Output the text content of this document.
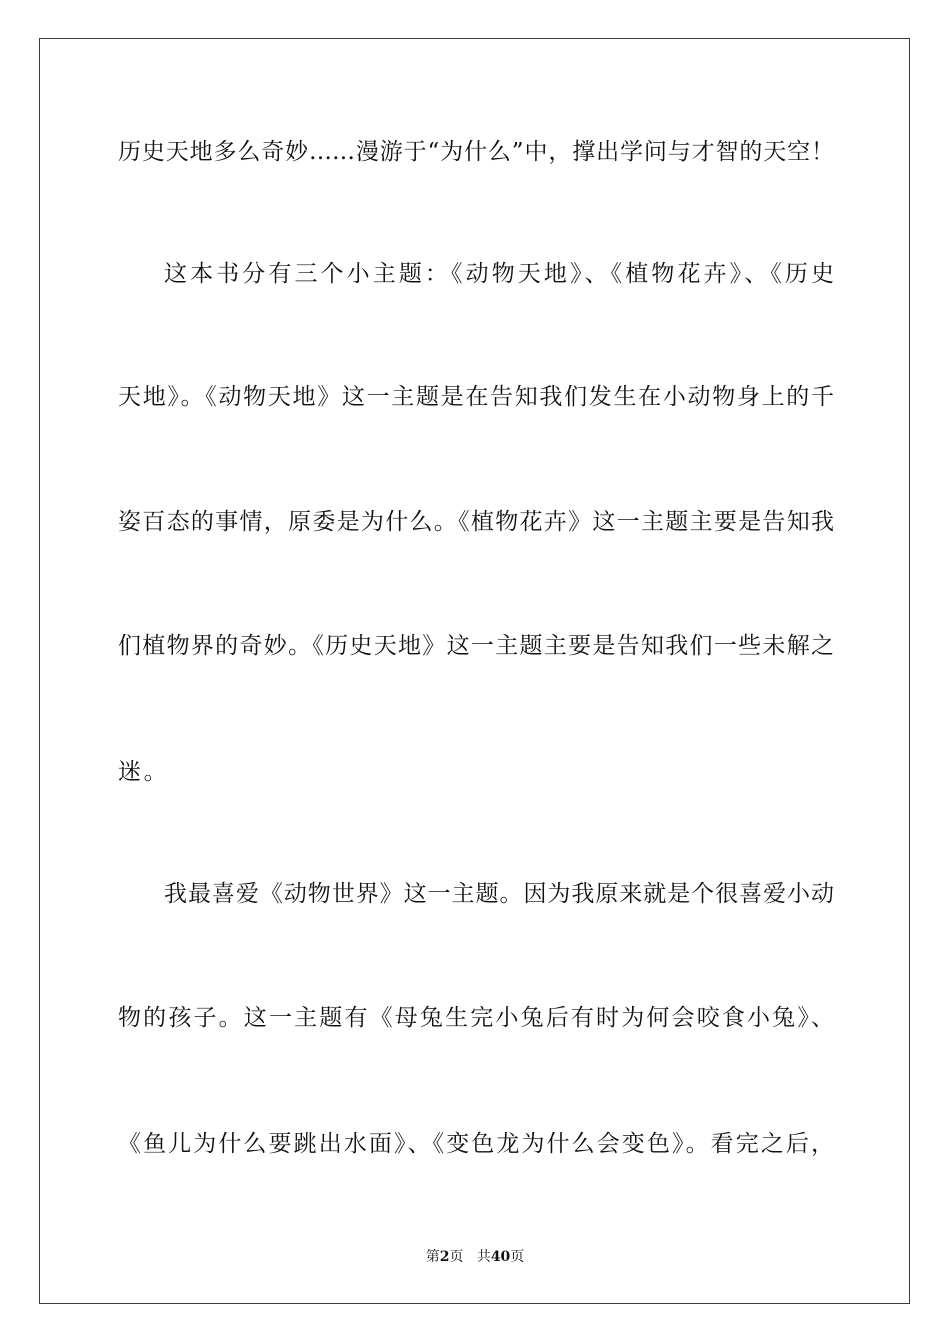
历史天地多么奇妙……漫游于“为什么”中，撑出学问与才智的天空！
这本书分有三个小主题：《动物天地》、《植物花卉》、《历史
天地》。《动物天地》这一主题是在告知我们发生在小动物身上的千
姿百态的事情，原委是为什么。《植物花卉》这一主题主要是告知我
们植物界的奇妙。《历史天地》这一主题主要是告知我们一些未解之
迷。
我最喜爱《动物世界》这一主题。因为我原来就是个很喜爱小动
物的孩子。这一主题有《母兔生完小兔后有时为何会咬食小兔》、
《鱼儿为什么要跳出水面》、《变色龙为什么会变色》。看完之后，
第2页 共40页
